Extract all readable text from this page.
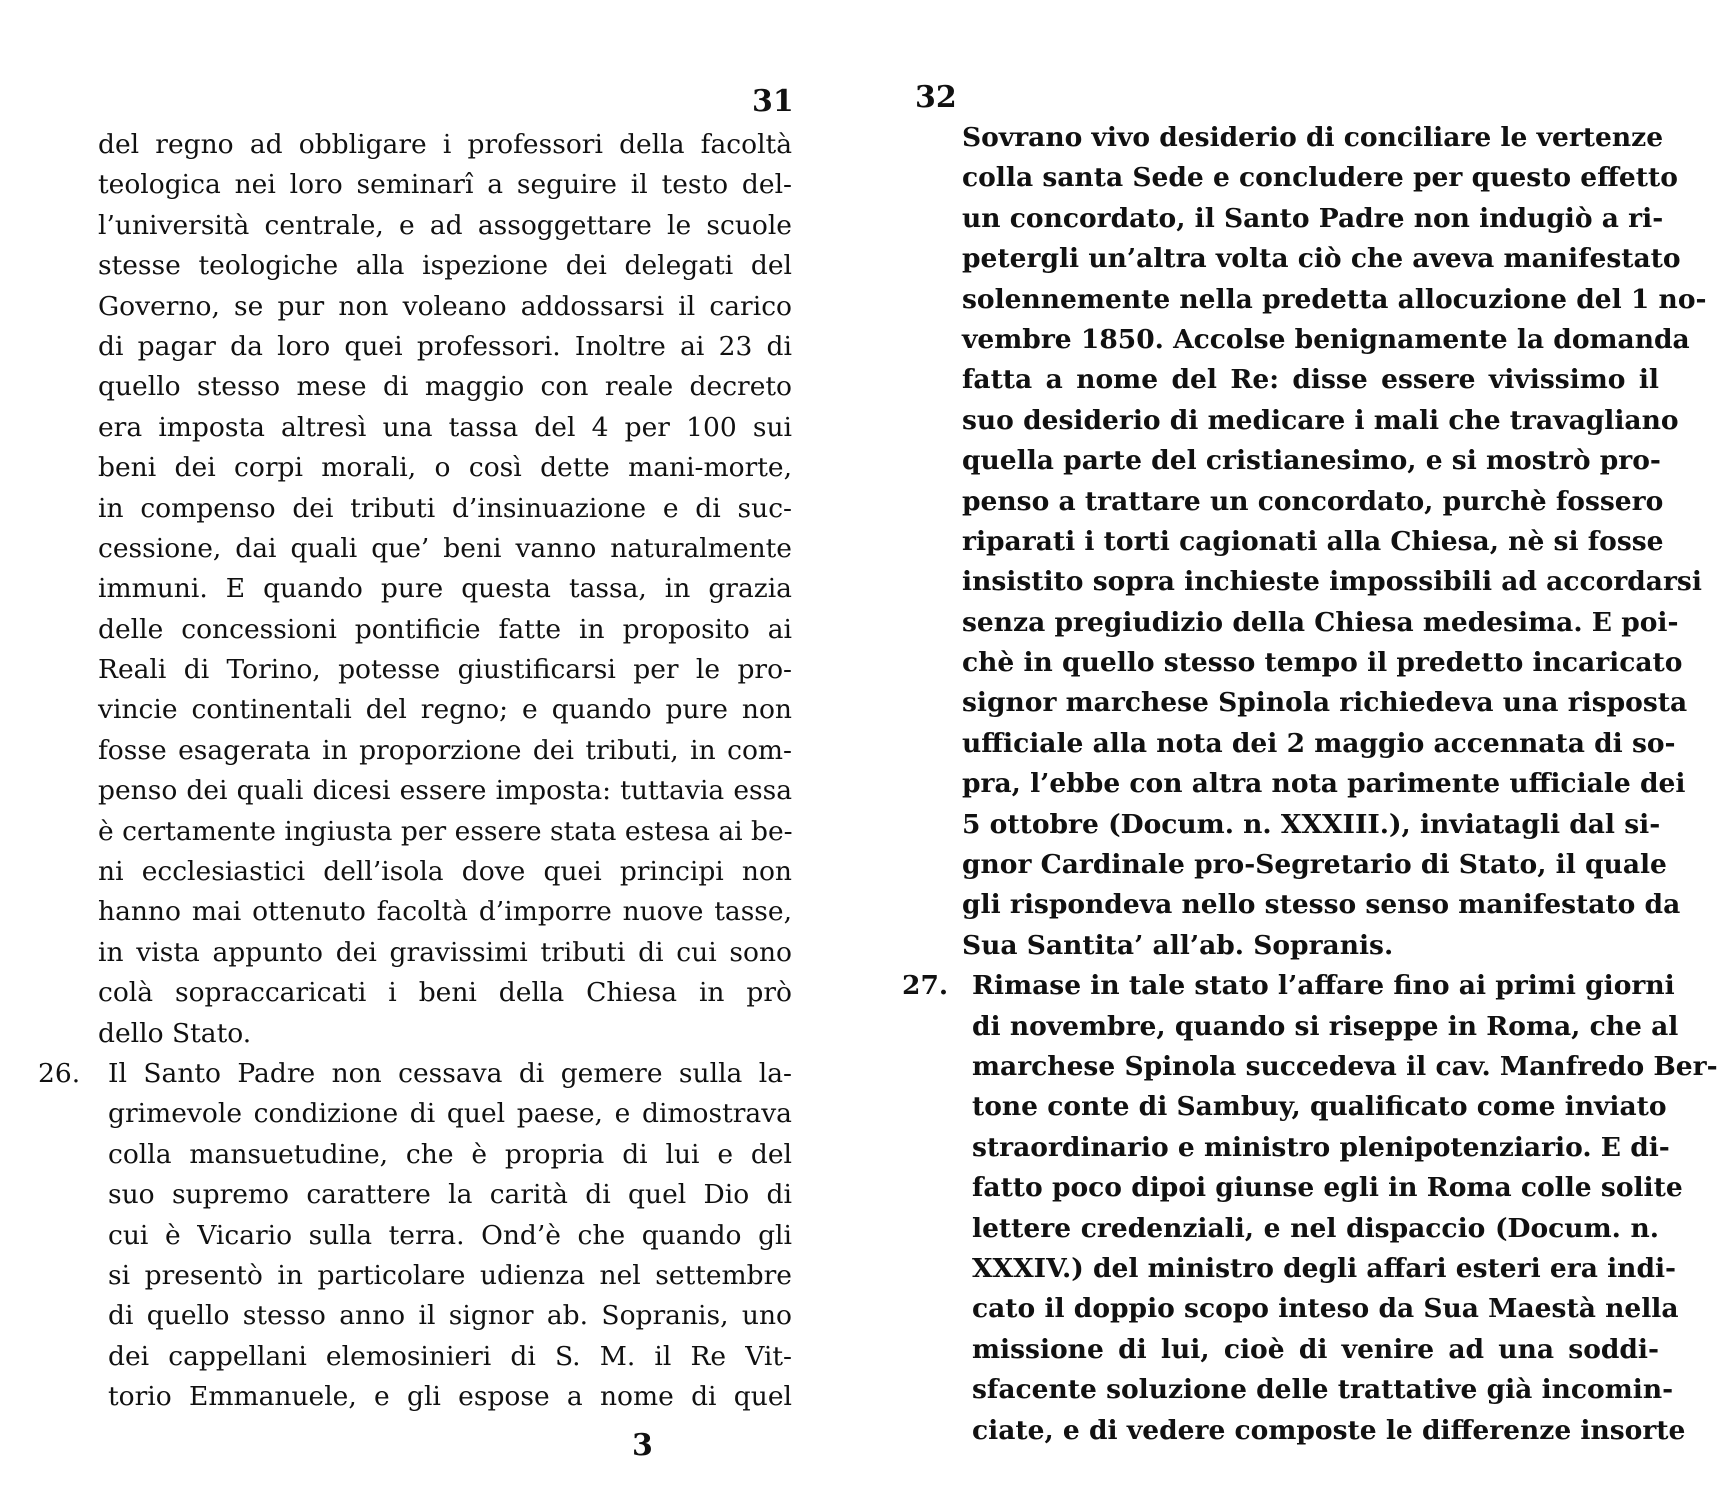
31
del regno ad obbligare i professori della facoltà
teologica nei loro seminarî a seguire il testo del-
l’università centrale, e ad assoggettare le scuole
stesse teologiche alla ispezione dei delegati del
Governo, se pur non voleano addossarsi il carico
di pagar da loro quei professori. Inoltre ai 23 di
quello stesso mese di maggio con reale decreto
era imposta altresì una tassa del 4 per 100 sui
beni dei corpi morali, o così dette mani-morte,
in compenso dei tributi d’insinuazione e di suc-
cessione, dai quali que’ beni vanno naturalmente
immuni. E quando pure questa tassa, in grazia
delle concessioni pontificie fatte in proposito ai
Reali di Torino, potesse giustificarsi per le pro-
vincie continentali del regno; e quando pure non
fosse esagerata in proporzione dei tributi, in com-
penso dei quali dicesi essere imposta: tuttavia essa
è certamente ingiusta per essere stata estesa ai be-
ni ecclesiastici dell’isola dove quei principi non
hanno mai ottenuto facoltà d’imporre nuove tasse,
in vista appunto dei gravissimi tributi di cui sono
colà sopraccaricati i beni della Chiesa in prò
dello Stato.
26. Il Santo Padre non cessava di gemere sulla la-
grimevole condizione di quel paese, e dimostrava
colla mansuetudine, che è propria di lui e del
suo supremo carattere la carità di quel Dio di
cui è Vicario sulla terra. Ond’è che quando gli
si presentò in particolare udienza nel settembre
di quello stesso anno il signor ab. Sopranis, uno
dei cappellani elemosinieri di S. M. il Re Vit-
torio Emmanuele, e gli espose a nome di quel
3
32
Sovrano vivo desiderio di conciliare le vertenze
colla santa Sede e concludere per questo effetto
un concordato, il Santo Padre non indugiò a ri-
petergli un’altra volta ciò che aveva manifestato
solennemente nella predetta allocuzione del 1 no-
vembre 1850. Accolse benignamente la domanda
fatta a nome del Re: disse essere vivissimo il
suo desiderio di medicare i mali che travagliano
quella parte del cristianesimo, e si mostrò pro-
penso a trattare un concordato, purchè fossero
riparati i torti cagionati alla Chiesa, nè si fosse
insistito sopra inchieste impossibili ad accordarsi
senza pregiudizio della Chiesa medesima. E poi-
chè in quello stesso tempo il predetto incaricato
signor marchese Spinola richiedeva una risposta
ufficiale alla nota dei 2 maggio accennata di so-
pra, l’ebbe con altra nota parimente ufficiale dei
5 ottobre (Docum. n. XXXIII.), inviatagli dal si-
gnor Cardinale pro-Segretario di Stato, il quale
gli rispondeva nello stesso senso manifestato da
Sua Santita’ all’ab. Sopranis.
27. Rimase in tale stato l’affare fino ai primi giorni
di novembre, quando si riseppe in Roma, che al
marchese Spinola succedeva il cav. Manfredo Ber-
tone conte di Sambuy, qualificato come inviato
straordinario e ministro plenipotenziario. E di-
fatto poco dipoi giunse egli in Roma colle solite
lettere credenziali, e nel dispaccio (Docum. n.
XXXIV.) del ministro degli affari esteri era indi-
cato il doppio scopo inteso da Sua Maestà nella
missione di lui, cioè di venire ad una soddi-
sfacente soluzione delle trattative già incomin-
ciate, e di vedere composte le differenze insorte
